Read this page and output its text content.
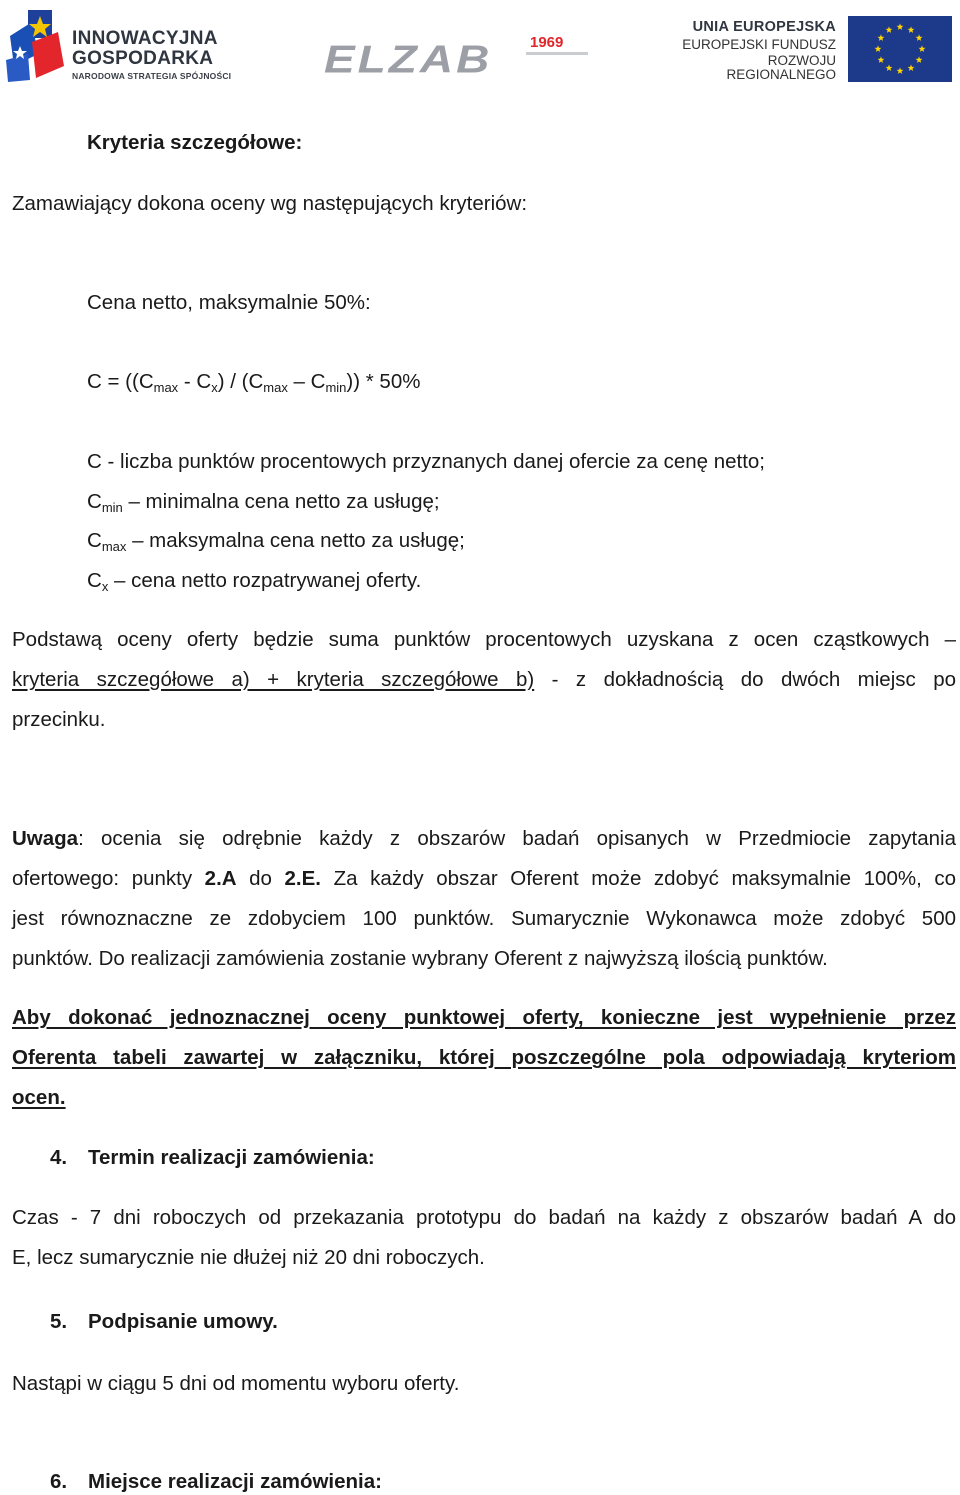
INNOWACYJNA
GOSPODARKA
NARODOWA STRATEGIA SPÓJNOŚCI ELZAB	1969
UNIA EUROPEJSKA
EUROPEJSKI FUNDUSZ
ROZWOJU REGIONALNEGO

Kryteria szczegółowe:

Zamawiający dokona oceny wg następujących kryteriów:

Cena netto, maksymalnie 50%:

$C = ((C_{max} - C_x) / (C_{max} - C_{min})) * 50\%$

C - liczba punktów procentowych przyznanych danej ofercie za cenę netto;

$C_{min}$ – minimalna cena netto za usługę;

$C_{max}$ – maksymalna cena netto za usługę;

$C_x$ – cena netto rozpatrywanej oferty.

Podstawą oceny oferty będzie suma punktów procentowych uzyskana z ocen cząstkowych –
kryteria szczegółowe a) + kryteria szczegółowe b) - z dokładnością do dwóch miejsc po
przecinku.
Uwaga: ocenia się odrębnie każdy z obszarów badań opisanych w Przedmiocie zapytania
ofertowego: punkty 2.A do 2.E. Za każdy obszar Oferent może zdobyć maksymalnie 100%, co
jest równoznaczne ze zdobyciem 100 punktów. Sumarycznie Wykonawca może zdobyć 500
punktów. Do realizacji zamówienia zostanie wybrany Oferent z najwyższą ilością punktów.
Aby dokonać jednoznacznej oceny punktowej oferty, konieczne jest wypełnienie przez
Oferenta tabeli zawartej w załączniku, której poszczególne pola odpowiadają kryteriom
ocen.

4. Termin realizacji zamówienia:

Czas - 7 dni roboczych od przekazania prototypu do badań na każdy z obszarów badań A do
E, lecz sumarycznie nie dłużej niż 20 dni roboczych.

5. Podpisanie umowy.

Nastąpi w ciągu 5 dni od momentu wyboru oferty.

6. Miejsce realizacji zamówienia:
